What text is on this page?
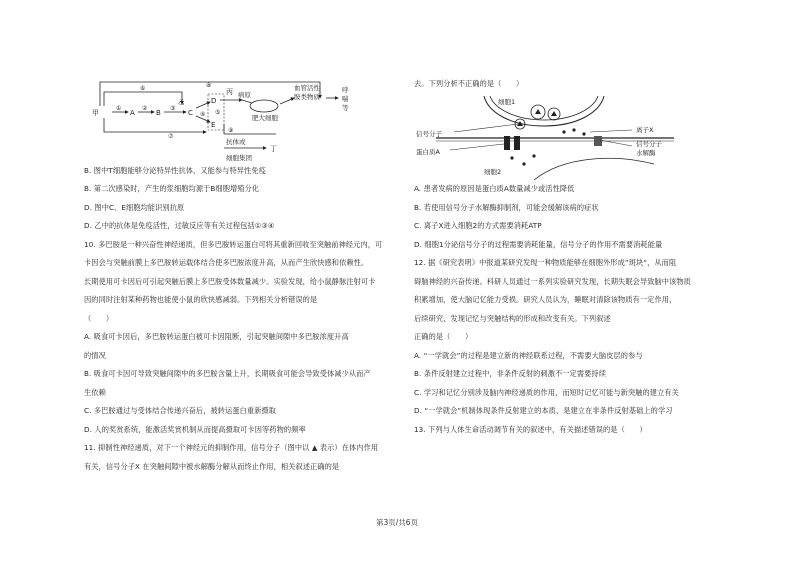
甲
①
A
②
B
③
乙
C ④
D
⑤
E
丙
⑦
⑧
⑥
⑨
病原
肥大细胞
血管活性
胺类物质
呼
喘
等
抗体或
细胞集团
丁
B. 图中T细胞能够分泌特异性抗体，又能参与特异性免疫
B. 第二次感染时，产生的浆细胞均源于B细胞增殖分化
D. 图中C、E细胞均能识别抗原
D. 乙中的抗体是免疫活性，过敏反应等有关过程包括①③④
10. 多巴胺是一种兴奋性神经递质，但多巴胺转运蛋白可将其重新回收至突触前神经元内，可
卡因会与突触前膜上多巴胺转运载体结合使多巴胺浓度升高，从而产生欣快感和依赖性。
长期使用可卡因后可引起突触后膜上多巴胺受体数量减少。实验发现，给小鼠静脉注射可卡
因的同时注射某种药物也能使小鼠的欣快感减弱。下列相关分析错误的是
（　　）
A. 吸食可卡因后，多巴胺转运蛋白被可卡因阻断，引起突触间隙中多巴胺浓度升高
的情况
B. 吸食可卡因可导致突触间隙中的多巴胺含量上升，长期吸食可能会导致受体减少从而产
生依赖
C. 多巴胺通过与受体结合传递兴奋后，被转运蛋白重新摄取
D. 人的奖赏系统，能激活奖赏机制从而提高摄取可卡因等药物的频率
11. 抑制性神经递质，对下一个神经元的抑制作用，信号分子（图中以 ▲ 表示）在体内作用
有关，信号分子X 在突触间隙中被水解酶分解从而终止作用，相关叙述正确的是
去。下列分析不正确的是（　　）
细胞1
细胞2
信号分子
蛋白质A
离子X
信号分子
水解酶
A. 患者发病的原因是蛋白质A数量减少或活性降低
B. 若使用信号分子水解酶抑制剂，可能会缓解该病的症状
C. 离子X进入细胞2的方式需要消耗ATP
D. 细胞1分泌信号分子的过程需要消耗能量，信号分子的作用不需要消耗能量
12. 据《研究表明》中报道某研究发现一种物质能够在细胞外形成”斑块“，从而阻
碍脑神经的兴奋传递。科研人员通过一系列实验研究发现，长期失眠会导致脑中该物质
积累增加，使大脑记忆能力受损。研究人员认为，睡眠对清除该物质有一定作用，
后续研究，发现记忆与突触结构的形成和改变有关。下列叙述
正确的是（　　）
A. “一学就会”的过程是建立新的神经联系过程，不需要大脑皮层的参与
B. 条件反射建立过程中，非条件反射的刺激不一定需要持续
C. 学习和记忆分别涉及脑内神经递质的作用，而短时记忆可能与新突触的建立有关
D. “一学就会”机制体现条件反射建立的本质，是建立在非条件反射基础上的学习
13. 下列与人体生命活动调节有关的叙述中，有关描述错误的是（　　）
第3页/共6页
